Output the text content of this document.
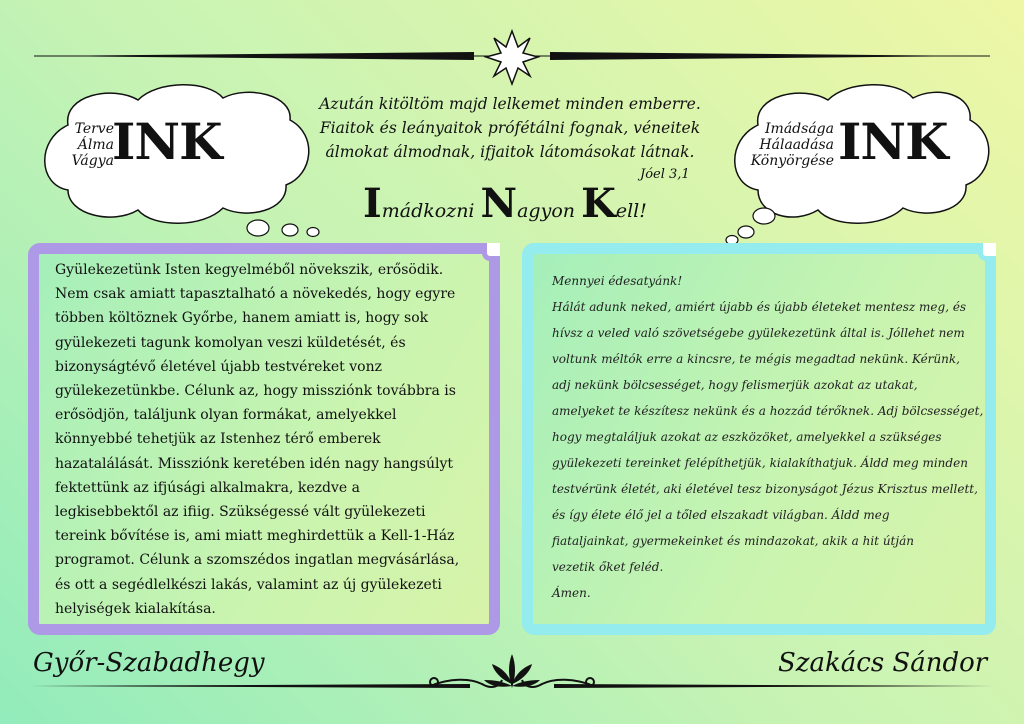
Terve
Álma
Vágya
INK	Imádsága
Hálaadása
Könyörgése INK
Azután kitöltöm majd lelkemet minden emberre.
Fiaitok és leányaitok prófétálni fognak, véneitek
álmokat álmodnak, ifjaitok látomásokat látnak.
Jóel 3,1
Imádkozni Nagyon Kell!
Gyülekezetünk Isten kegyelméből növekszik, erősödik.
Nem csak amiatt tapasztalható a növekedés, hogy egyre
többen költöznek Győrbe, hanem amiatt is, hogy sok
gyülekezeti tagunk komolyan veszi küldetését, és
bizonyságtévő életével újabb testvéreket vonz
gyülekezetünkbe. Célunk az, hogy missziónk továbbra is
erősödjön, találjunk olyan formákat, amelyekkel
könnyebbé tehetjük az Istenhez térő emberek
hazatalálását. Missziónk keretében idén nagy hangsúlyt
fektettünk az ifjúsági alkalmakra, kezdve a
legkisebbektől az ifiig. Szükségessé vált gyülekezeti
tereink bővítése is, ami miatt meghirdettük a Kell-1-Ház
programot. Célunk a szomszédos ingatlan megvásárlása,
és ott a segédlelkészi lakás, valamint az új gyülekezeti
helyiségek kialakítása.
Mennyei édesatyánk!
Hálát adunk neked, amiért újabb és újabb életeket mentesz meg, és
hívsz a veled való szövetségebe gyülekezetünk által is. Jóllehet nem
voltunk méltók erre a kincsre, te mégis megadtad nekünk. Kérünk,
adj nekünk bölcsességet, hogy felismerjük azokat az utakat,
amelyeket te készítesz nekünk és a hozzád térőknek. Adj bölcsességet,
hogy megtaláljuk azokat az eszközöket, amelyekkel a szükséges
gyülekezeti tereinket felépíthetjük, kialakíthatjuk. Áldd meg minden
testvérünk életét, aki életével tesz bizonyságot Jézus Krisztus mellett,
és így élete élő jel a tőled elszakadt világban. Áldd meg
fiataljainkat, gyermekeinket és mindazokat, akik a hit útján
vezetik őket feléd.
Ámen.
Győr-Szabadhegy	Szakács Sándor
